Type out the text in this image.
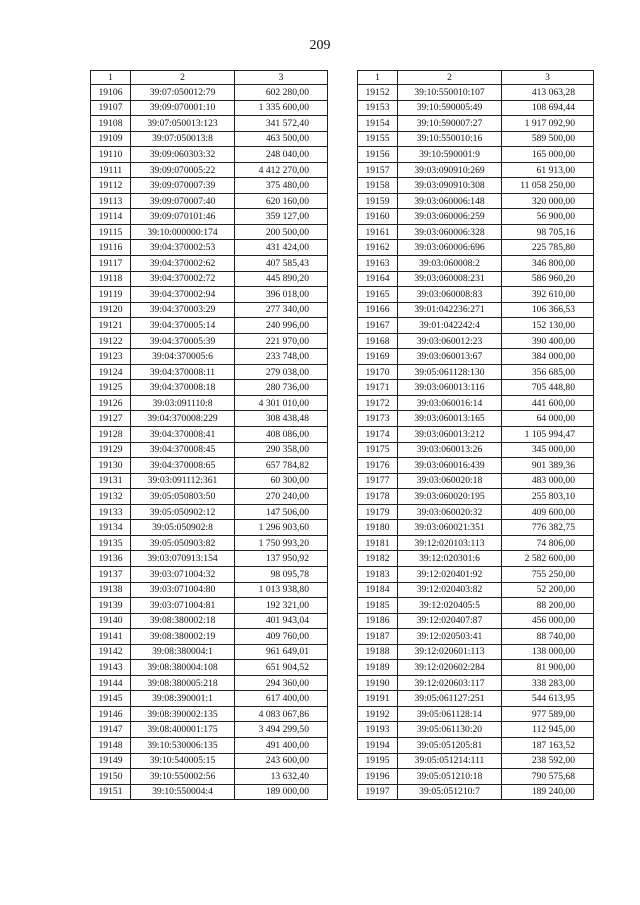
209
1	2	3
19106	39:07:050012:79	602 280,00
19107	39:09:070001:10	1 335 600,00
19108	39:07:050013:123	341 572,40
19109	39:07:050013:8	463 500,00
19110	39:09:060303:32	248 040,00
19111	39:09:070005:22	4 412 270,00
19112	39:09:070007:39	375 480,00
19113	39:09:070007:40	620 160,00
19114	39:09:070101:46	359 127,00
19115	39:10:000000:174	200 500,00
19116	39:04:370002:53	431 424,00
19117	39:04:370002:62	407 585,43
19118	39:04:370002:72	445 890,20
19119	39:04:370002:94	396 018,00
19120	39:04:370003:29	277 340,00
19121	39:04:370005:14	240 996,00
19122	39:04:370005:39	221 970,00
19123	39:04:370005:6	233 748,00
19124	39:04:370008:11	279 038,00
19125	39:04:370008:18	280 736,00
19126	39:03:091110:8	4 301 010,00
19127	39:04:370008:229	308 438,48
19128	39:04:370008:41	408 086,00
19129	39:04:370008:45	290 358,00
19130	39:04:370008:65	657 784,82
19131	39:03:091112:361	60 300,00
19132	39:05:050803:50	270 240,00
19133	39:05:050902:12	147 506,00
19134	39:05:050902:8	1 296 903,60
19135	39:05:050903:82	1 750 993,20
19136	39:03:070913:154	137 950,92
19137	39:03:071004:32	98 095,78
19138	39:03:071004:80	1 013 938,80
19139	39:03:071004:81	192 321,00
19140	39:08:380002:18	401 943,04
19141	39:08:380002:19	409 760,00
19142	39:08:380004:1	961 649,01
19143	39:08:380004:108	651 904,52
19144	39:08:380005:218	294 360,00
19145	39:08:390001:1	617 400,00
19146	39:08:390002:135	4 083 067,86
19147	39:08:400001:175	3 494 299,50
19148	39:10:530006:135	491 400,00
19149	39:10:540005:15	243 600,00
19150	39:10:550002:56	13 632,40
19151	39:10:550004:4	189 000,00
1	2	3
19152	39:10:550010:107	413 063,28
19153	39:10:590005:49	108 694,44
19154	39:10:590007:27	1 917 092,90
19155	39:10:550010:16	589 500,00
19156	39:10:590001:9	165 000,00
19157	39:03:090910:269	61 913,00
19158	39:03:090910:308	11 058 250,00
19159	39:03:060006:148	320 000,00
19160	39:03:060006:259	56 900,00
19161	39:03:060006:328	98 705,16
19162	39:03:060006:696	225 785,80
19163	39:03:060008:2	346 800,00
19164	39:03:060008:231	586 960,20
19165	39:03:060008:83	392 610,00
19166	39:01:042236:271	106 366,53
19167	39:01:042242:4	152 130,00
19168	39:03:060012:23	390 400,00
19169	39:03:060013:67	384 000,00
19170	39:05:061128:130	356 685,00
19171	39:03:060013:116	705 448,80
19172	39:03:060016:14	441 600,00
19173	39:03:060013:165	64 000,00
19174	39:03:060013:212	1 105 994,47
19175	39:03:060013:26	345 000,00
19176	39:03:060016:439	901 389,36
19177	39:03:060020:18	483 000,00
19178	39:03:060020:195	255 803,10
19179	39:03:060020:32	409 600,00
19180	39:03:060021:351	776 382,75
19181	39:12:020103:113	74 806,00
19182	39:12:020301:6	2 582 600,00
19183	39:12:020401:92	755 250,00
19184	39:12:020403:82	52 200,00
19185	39:12:020405:5	88 200,00
19186	39:12:020407:87	456 000,00
19187	39:12:020503:41	88 740,00
19188	39:12:020601:113	138 000,00
19189	39:12:020602:284	81 900,00
19190	39:12:020603:117	338 283,00
19191	39:05:061127:251	544 613,95
19192	39:05:061128:14	977 589,00
19193	39:05:061130:20	112 945,00
19194	39:05:051205:81	187 163,52
19195	39:05:051214:111	238 592,00
19196	39:05:051210:18	790 575,68
19197	39:05:051210:7	189 240,00
